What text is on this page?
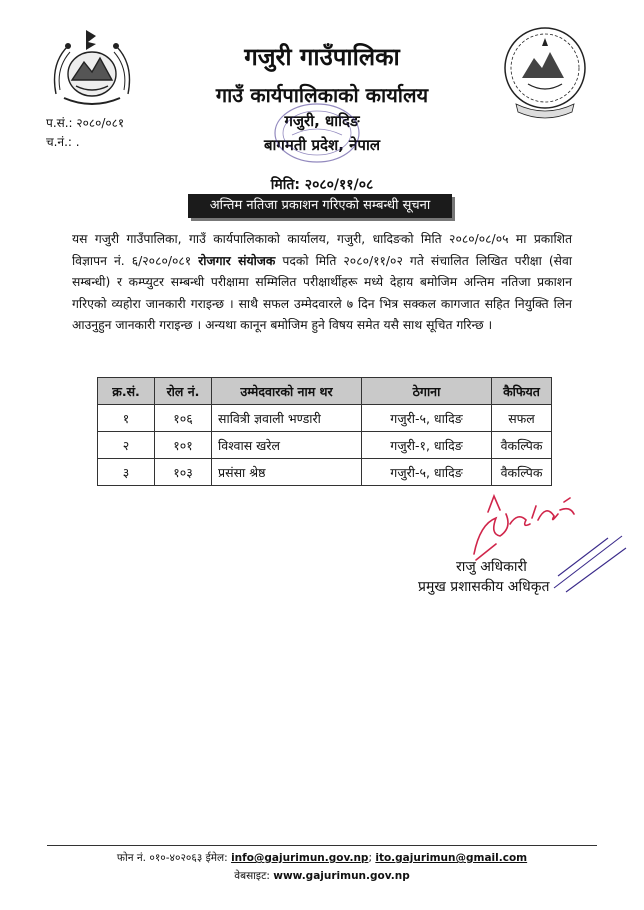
गजुरी गाउँपालिका
गाउँ कार्यपालिकाको कार्यालय
गजुरी, धादिङ
बागमती प्रदेश, नेपाल
प.सं.: २०८०/०८१
च.नं.: .
मिति: २०८०/११/०८
अन्तिम नतिजा प्रकाशन गरिएको सम्बन्धी सूचना

यस गजुरी गाउँपालिका, गाउँ कार्यपालिकाको कार्यालय, गजुरी, धादिङको मिति २०८०/०८/०५ मा प्रकाशित विज्ञापन नं. ६/२०८०/०८१ रोजगार संयोजक पदको मिति २०८०/११/०२ गते संचालित लिखित परीक्षा (सेवा सम्बन्धी) र कम्प्युटर सम्बन्धी परीक्षामा सम्मिलित परीक्षार्थीहरू मध्ये देहाय बमोजिम अन्तिम नतिजा प्रकाशन गरिएको व्यहोरा जानकारी गराइन्छ । साथै सफल उम्मेदवारले ७ दिन भित्र सक्कल कागजात सहित नियुक्ति लिन आउनुहुन जानकारी गराइन्छ । अन्यथा कानून बमोजिम हुने विषय समेत यसै साथ सूचित गरिन्छ ।

क्र.सं.	रोल नं.	उम्मेदवारको नाम थर	ठेगाना	कैफियत
१	१०६	सावित्री ज्ञवाली भण्डारी	गजुरी-५, धादिङ	सफल
२	१०१	विश्वास खरेल	गजुरी-१, धादिङ	वैकल्पिक
३	१०३	प्रसंसा श्रेष्ठ	गजुरी-५, धादिङ	वैकल्पिक
राजु अधिकारी
प्रमुख प्रशासकीय अधिकृत
फोन नं. ०१०-४०२०६३ ईमेल: info@gajurimun.gov.np; ito.gajurimun@gmail.com
वेबसाइट: www.gajurimun.gov.np
